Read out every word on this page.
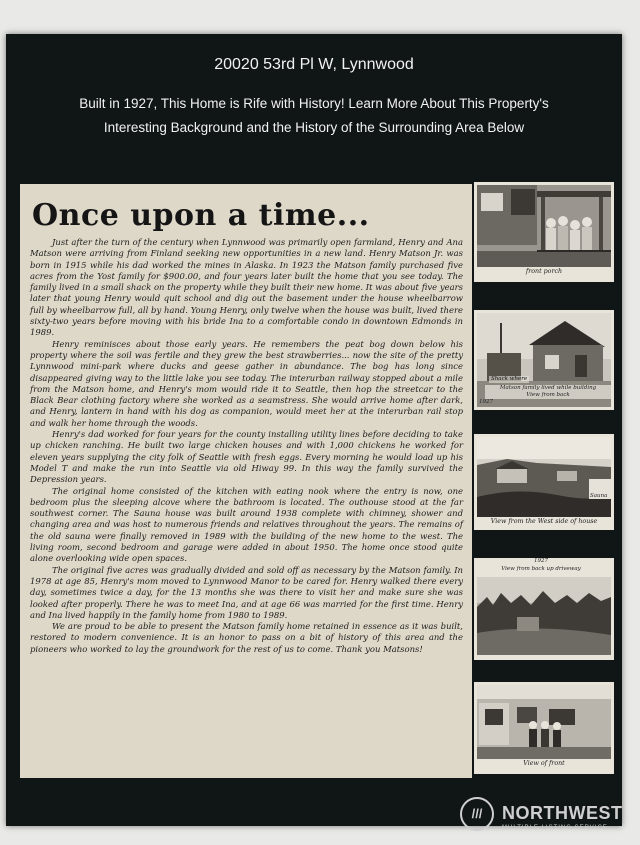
20020 53rd Pl W, Lynnwood
Built in 1927, This Home is Rife with History! Learn More About This Property's
Interesting Background and the History of the Surrounding Area Below
Once upon a time...

Just after the turn of the century when Lynnwood was primarily open farmland, Henry and Ana Matson were arriving from Finland seeking new opportunities in a new land. Henry Matson Jr. was born in 1915 while his dad worked the mines in Alaska. In 1923 the Matson family purchased five acres from the Yost family for $900.00, and four years later built the home that you see today. The family lived in a small shack on the property while they built their new home. It was about five years later that young Henry would quit school and dig out the basement under the house wheelbarrow full by wheelbarrow full, all by hand. Young Henry, only twelve when the house was built, lived there sixty-two years before moving with his bride Ina to a comfortable condo in downtown Edmonds in 1989.

Henry reminisces about those early years. He remembers the peat bog down below his property where the soil was fertile and they grew the best strawberries... now the site of the pretty Lynnwood mini-park where ducks and geese gather in abundance. The bog has long since disappeared giving way to the little lake you see today. The interurban railway stopped about a mile from the Matson home, and Henry's mom would ride it to Seattle, then hop the streetcar to the Black Bear clothing factory where she worked as a seamstress. She would arrive home after dark, and Henry, lantern in hand with his dog as companion, would meet her at the interurban rail stop and walk her home through the woods.

Henry's dad worked for four years for the county installing utility lines before deciding to take up chicken ranching. He built two large chicken houses and with 1,000 chickens he worked for eleven years supplying the city folk of Seattle with fresh eggs. Every morning he would load up his Model T and make the run into Seattle via old Hiway 99. In this way the family survived the Depression years.

The original home consisted of the kitchen with eating nook where the entry is now, one bedroom plus the sleeping alcove where the bathroom is located. The outhouse stood at the far southwest corner. The Sauna house was built around 1938 complete with chimney, shower and changing area and was host to numerous friends and relatives throughout the years. The remains of the old sauna were finally removed in 1989 with the building of the new home to the west. The living room, second bedroom and garage were added in about 1950. The home once stood quite alone overlooking wide open spaces.

The original five acres was gradually divided and sold off as necessary by the Matson family. In 1978 at age 85, Henry's mom moved to Lynnwood Manor to be cared for. Henry walked there every day, sometimes twice a day, for the 13 months she was there to visit her and make sure she was looked after properly. There he was to meet Ina, and at age 66 was married for the first time. Henry and Ina lived happily in the family home from 1980 to 1989.

We are proud to be able to present the Matson family home retained in essence as it was built, restored to modern convenience. It is an honor to pass on a bit of history of this area and the pioneers who worked to lay the groundwork for the rest of us to come. Thank you Matsons!

front porch
Shack where
Matson family lived while building
View from back
1927
Sauna
View from the West side of house
1927
View from back up driveway
View of front
///	NORTHWEST
MULTIPLE LISTING SERVICE
